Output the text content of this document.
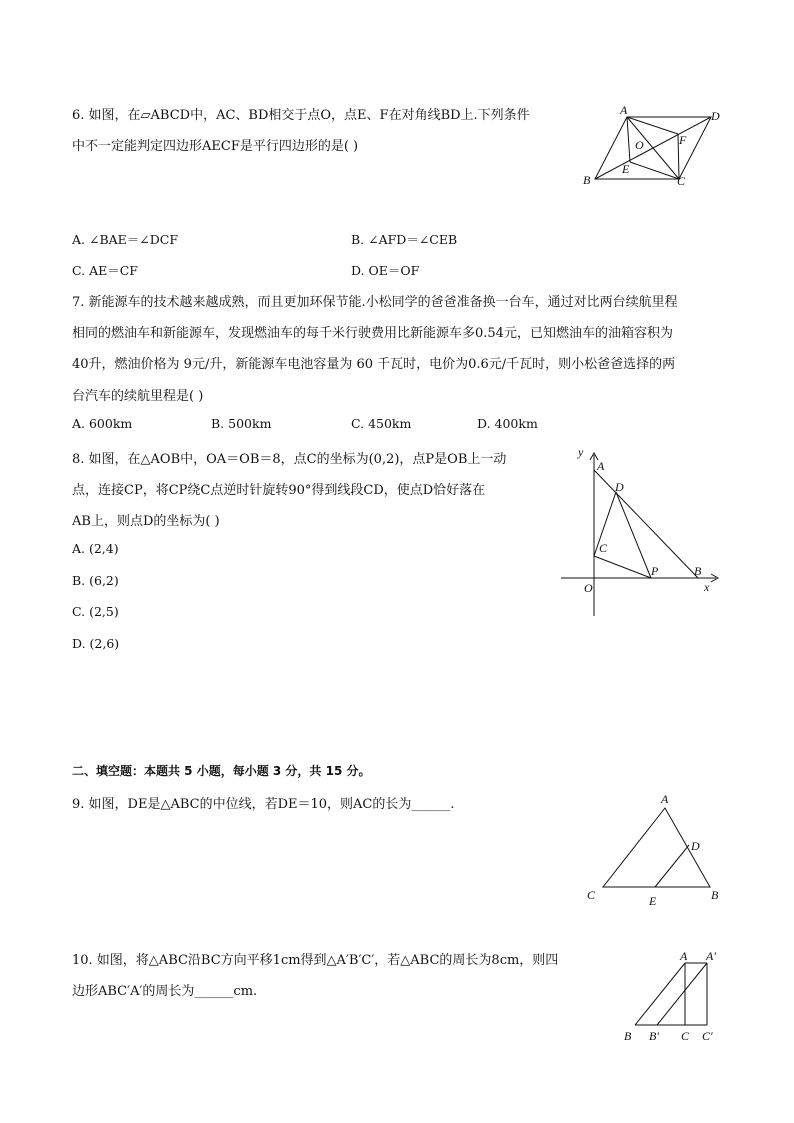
6. 如图，在▱ABCD中，AC、BD相交于点O，点E、F在对角线BD上.下列条件
中不一定能判定四边形AECF是平行四边形的是( )
A	D
O	F
B
E
C
A. ∠BAE＝∠DCF	B. ∠AFD＝∠CEB
C. AE＝CF	D. OE＝OF
7. 新能源车的技术越来越成熟，而且更加环保节能.小松同学的爸爸准备换一台车，通过对比两台续航里程
相同的燃油车和新能源车，发现燃油车的每千米行驶费用比新能源车多0.54元，已知燃油车的油箱容积为
40升，燃油价格为 9元/升，新能源车电池容量为 60 千瓦时，电价为0.6元/千瓦时，则小松爸爸选择的两
台汽车的续航里程是( )
A. 600km	B. 500km	C. 450km	D. 400km
8. 如图，在△AOB中，OA＝OB＝8，点C的坐标为(0,2)，点P是OB上一动
点，连接CP，将CP绕C点逆时针旋转90°得到线段CD，使点D恰好落在
AB上，则点D的坐标为( )
A. (2,4)
B. (6,2)
C. (2,5)
D. (2,6)
y
A
D
C
O
P	B
x
二、填空题：本题共 5 小题，每小题 3 分，共 15 分。
9. 如图，DE是△ABC的中位线，若DE＝10，则AC的长为______.	A
D
C	E	B
10. 如图，将△ABC沿BC方向平移1cm得到△A′B′C′，若△ABC的周长为8cm，则四
边形ABC′A′的周长为______cm.
A A′
B B′ C C′
